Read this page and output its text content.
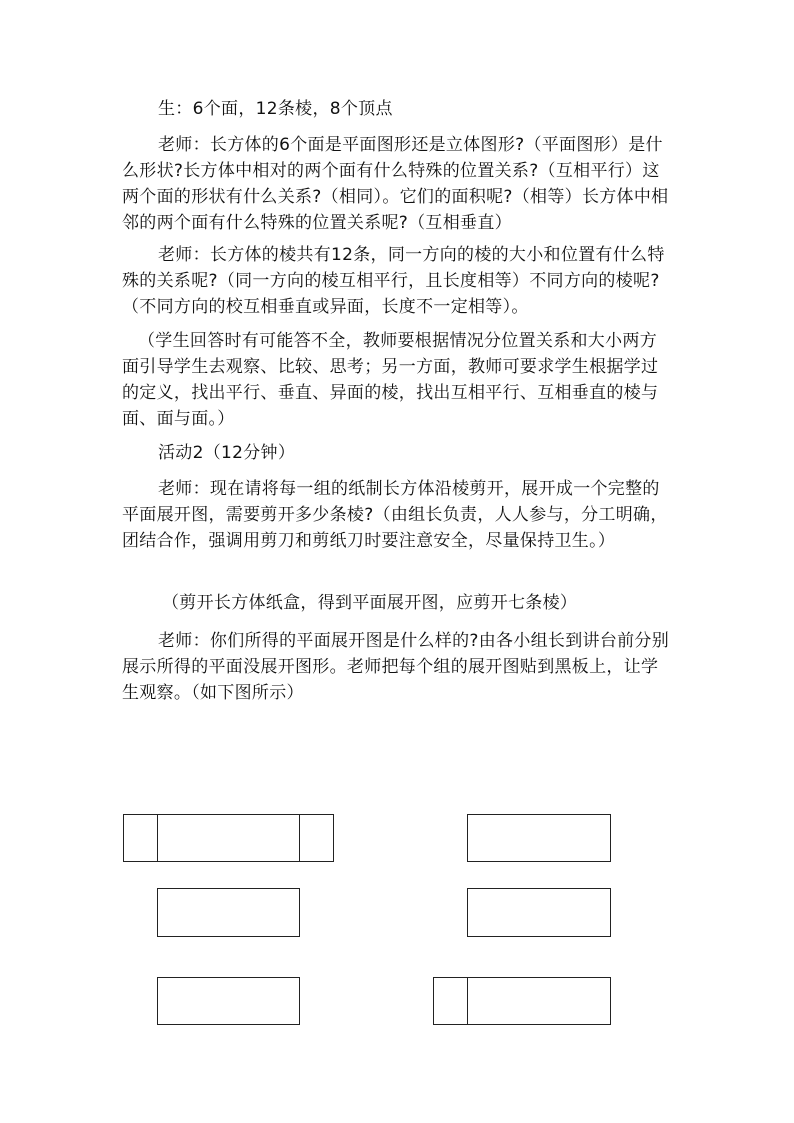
生：6个面，12条棱，8个顶点

老师：长方体的6个面是平面图形还是立体图形?（平面图形）是什么形状?长方体中相对的两个面有什么特殊的位置关系?（互相平行）这两个面的形状有什么关系?（相同）。它们的面积呢?（相等）长方体中相邻的两个面有什么特殊的位置关系呢?（互相垂直）

老师：长方体的棱共有12条，同一方向的棱的大小和位置有什么特殊的关系呢?（同一方向的棱互相平行，且长度相等）不同方向的棱呢?（不同方向的校互相垂直或异面，长度不一定相等）。

（学生回答时有可能答不全，教师要根据情况分位置关系和大小两方面引导学生去观察、比较、思考；另一方面，教师可要求学生根据学过的定义，找出平行、垂直、异面的棱，找出互相平行、互相垂直的棱与面、面与面。）

活动2（12分钟）

老师：现在请将每一组的纸制长方体沿棱剪开，展开成一个完整的平面展开图，需要剪开多少条棱?（由组长负责，人人参与，分工明确，团结合作，强调用剪刀和剪纸刀时要注意安全，尽量保持卫生。）

（剪开长方体纸盒，得到平面展开图，应剪开七条棱）

老师：你们所得的平面展开图是什么样的?由各小组长到讲台前分别展示所得的平面没展开图形。老师把每个组的展开图贴到黑板上，让学生观察。（如下图所示）
